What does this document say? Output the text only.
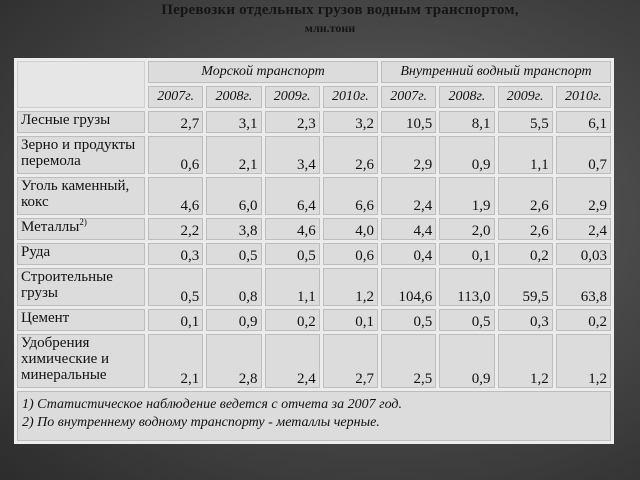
Перевозки отдельных грузов водным транспортом,
млн.тонн
	Морской транспорт				Внутренний водный транспорт			
	2007г.	2008г.	2009г.	2010г.	2007г.	2008г.	2009г.	2010г.
Лесные грузы	2,7	3,1	2,3	3,2	10,5	8,1	5,5	6,1
Зерно и продукты перемола	0,6	2,1	3,4	2,6	2,9	0,9	1,1	0,7
Уголь каменный, кокс	4,6	6,0	6,4	6,6	2,4	1,9	2,6	2,9
Металлы$^{2)}$	2,2	3,8	4,6	4,0	4,4	2,0	2,6	2,4
Руда	0,3	0,5	0,5	0,6	0,4	0,1	0,2	0,03
Строительные грузы	0,5	0,8	1,1	1,2	104,6	113,0	59,5	63,8
Цемент	0,1	0,9	0,2	0,1	0,5	0,5	0,3	0,2
Удобрения химические и минеральные	2,1	2,8	2,4	2,7	2,5	0,9	1,2	1,2

1) Статистическое наблюдение ведется с отчета за 2007 год.
2) По внутреннему водному транспорту - металлы черные.								
